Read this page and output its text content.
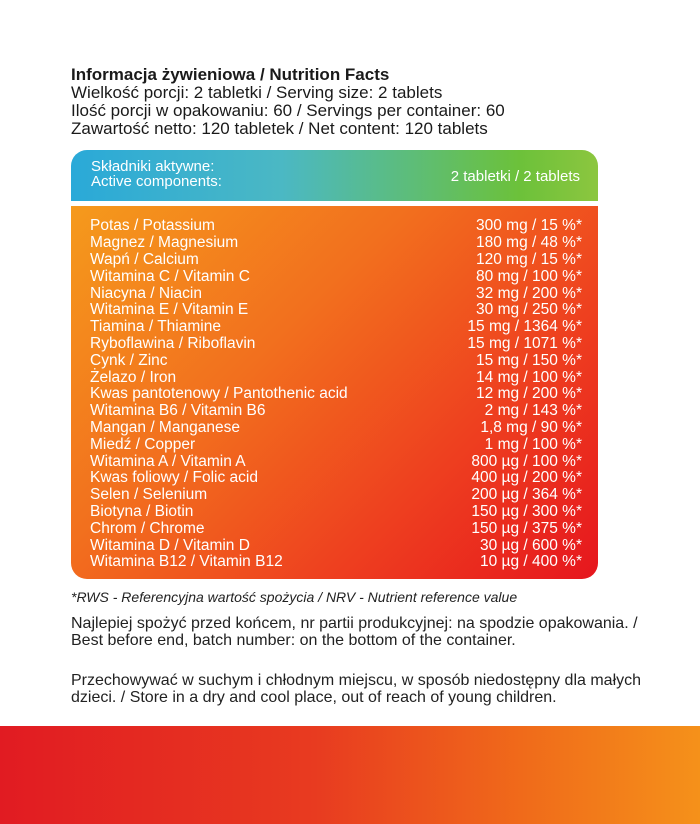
Informacja żywieniowa / Nutrition Facts
Wielkość porcji: 2 tabletki / Serving size: 2 tablets
Ilość porcji w opakowaniu: 60 / Servings per container: 60
Zawartość netto: 120 tabletek / Net content: 120 tablets
Składniki aktywne:
Active components:	2 tabletki / 2 tablets
Potas / Potassium	300 mg / 15 %*
Magnez / Magnesium	180 mg / 48 %*
Wapń / Calcium	120 mg / 15 %*
Witamina C / Vitamin C	80 mg / 100 %*
Niacyna / Niacin	32 mg / 200 %*
Witamina E / Vitamin E	30 mg / 250 %*
Tiamina / Thiamine	15 mg / 1364 %*
Ryboflawina / Riboflavin	15 mg / 1071 %*
Cynk / Zinc	15 mg / 150 %*
Żelazo / Iron	14 mg / 100 %*
Kwas pantotenowy / Pantothenic acid	12 mg / 200 %*
Witamina B6 / Vitamin B6	2 mg / 143 %*
Mangan / Manganese	1,8 mg / 90 %*
Miedź / Copper	1 mg / 100 %*
Witamina A / Vitamin A	800 µg / 100 %*
Kwas foliowy / Folic acid	400 µg / 200 %*
Selen / Selenium	200 µg / 364 %*
Biotyna / Biotin	150 µg / 300 %*
Chrom / Chrome	150 µg / 375 %*
Witamina D / Vitamin D	30 µg / 600 %*
Witamina B12 / Vitamin B12	10 µg / 400 %*
*RWS - Referencyjna wartość spożycia / NRV - Nutrient reference value
Najlepiej spożyć przed końcem, nr partii produkcyjnej: na spodzie opakowania. / Best before end, batch number: on the bottom of the container.
Przechowywać w suchym i chłodnym miejscu, w sposób niedostępny dla małych dzieci. / Store in a dry and cool place, out of reach of young children.
